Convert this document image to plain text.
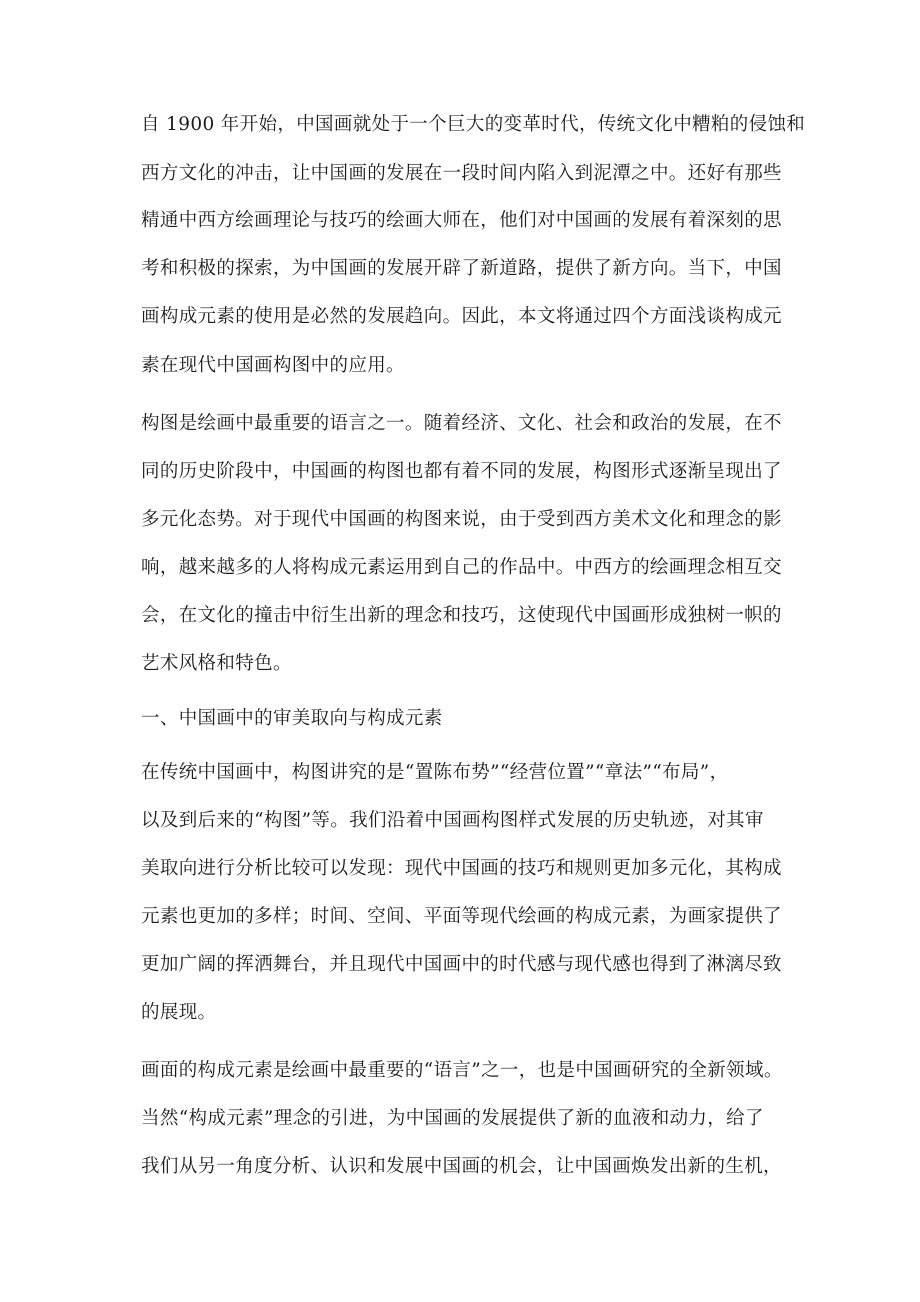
自 1900 年开始，中国画就处于一个巨大的变革时代，传统文化中糟粕的侵蚀和
西方文化的冲击，让中国画的发展在一段时间内陷入到泥潭之中。还好有那些
精通中西方绘画理论与技巧的绘画大师在，他们对中国画的发展有着深刻的思
考和积极的探索，为中国画的发展开辟了新道路，提供了新方向。当下，中国
画构成元素的使用是必然的发展趋向。因此，本文将通过四个方面浅谈构成元
素在现代中国画构图中的应用。
构图是绘画中最重要的语言之一。随着经济、文化、社会和政治的发展，在不
同的历史阶段中，中国画的构图也都有着不同的发展，构图形式逐渐呈现出了
多元化态势。对于现代中国画的构图来说，由于受到西方美术文化和理念的影
响，越来越多的人将构成元素运用到自己的作品中。中西方的绘画理念相互交
会，在文化的撞击中衍生出新的理念和技巧，这使现代中国画形成独树一帜的
艺术风格和特色。
一、中国画中的审美取向与构成元素
在传统中国画中，构图讲究的是“置陈布势”“经营位置”“章法”“布局”，
以及到后来的“构图”等。我们沿着中国画构图样式发展的历史轨迹，对其审
美取向进行分析比较可以发现：现代中国画的技巧和规则更加多元化，其构成
元素也更加的多样；时间、空间、平面等现代绘画的构成元素，为画家提供了
更加广阔的挥洒舞台，并且现代中国画中的时代感与现代感也得到了淋漓尽致
的展现。
画面的构成元素是绘画中最重要的“语言”之一，也是中国画研究的全新领域。
当然“构成元素”理念的引进，为中国画的发展提供了新的血液和动力，给了
我们从另一角度分析、认识和发展中国画的机会，让中国画焕发出新的生机，
